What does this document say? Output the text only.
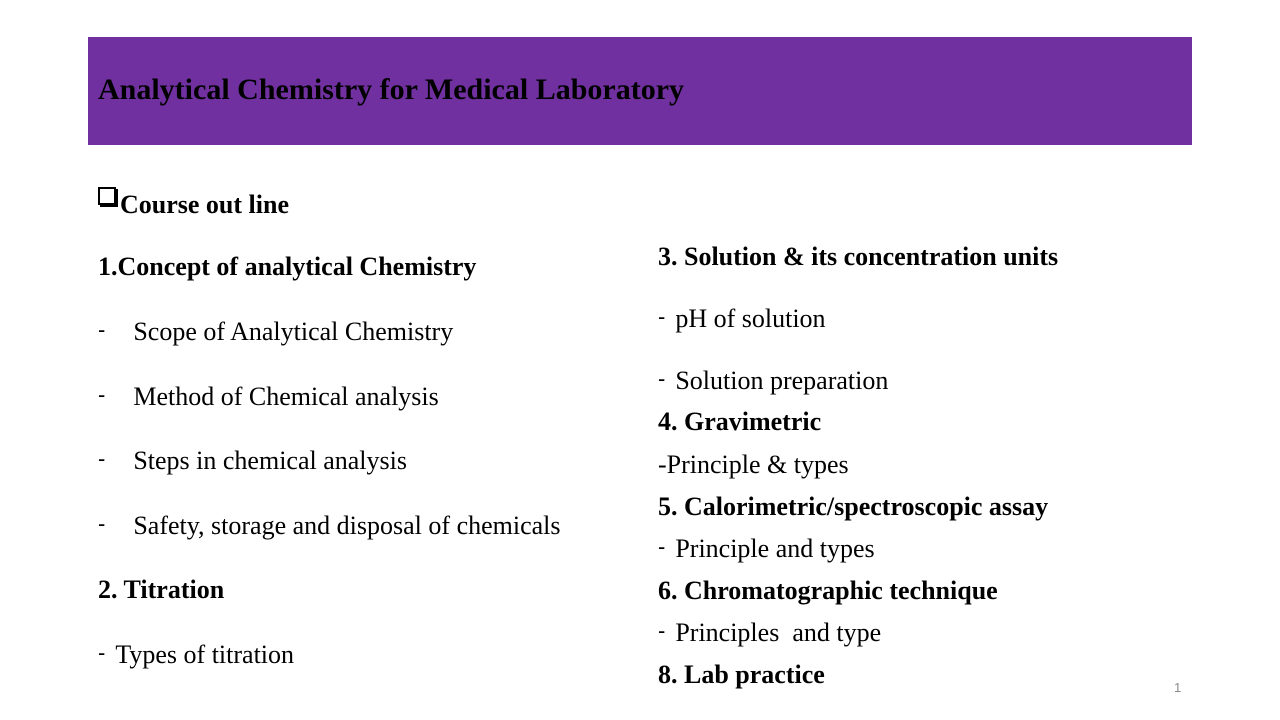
Analytical Chemistry for Medical Laboratory
Course out line
1.Concept of analytical Chemistry
- Scope of Analytical Chemistry
- Method of Chemical analysis
- Steps in chemical analysis
- Safety, storage and disposal of chemicals
2. Titration
- Types of titration
3. Solution & its concentration units
- pH of solution
- Solution preparation
4. Gravimetric
-Principle & types
5. Calorimetric/spectroscopic assay
- Principle and types
6. Chromatographic technique
- Principles  and type
8. Lab practice	1
